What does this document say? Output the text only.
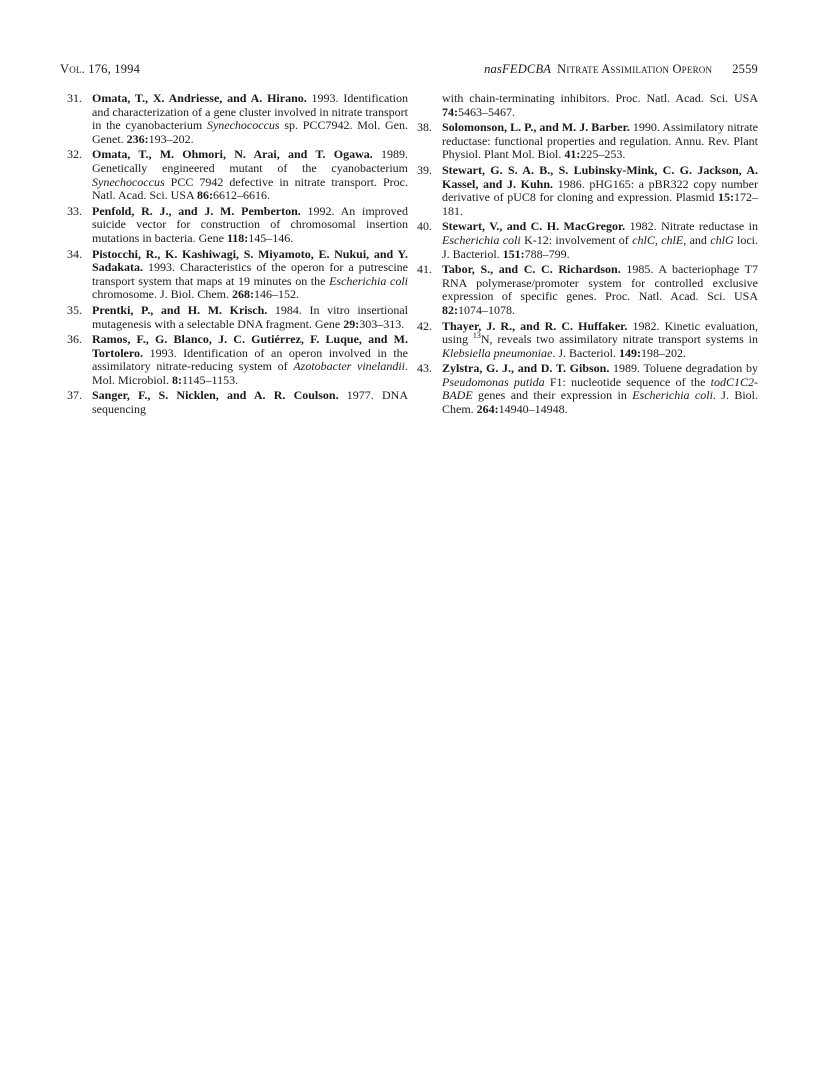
Vol. 176, 1994	nasFEDCBA Nitrate Assimilation Operon 2559
31. Omata, T., X. Andriesse, and A. Hirano. 1993. Identification and characterization of a gene cluster involved in nitrate transport in the cyanobacterium Synechococcus sp. PCC7942. Mol. Gen. Genet. 236:193–202.
32. Omata, T., M. Ohmori, N. Arai, and T. Ogawa. 1989. Genetically engineered mutant of the cyanobacterium Synechococcus PCC 7942 defective in nitrate transport. Proc. Natl. Acad. Sci. USA 86:6612–6616.
33. Penfold, R. J., and J. M. Pemberton. 1992. An improved suicide vector for construction of chromosomal insertion mutations in bacteria. Gene 118:145–146.
34. Pistocchi, R., K. Kashiwagi, S. Miyamoto, E. Nukui, and Y. Sadakata. 1993. Characteristics of the operon for a putrescine transport system that maps at 19 minutes on the Escherichia coli chromosome. J. Biol. Chem. 268:146–152.
35. Prentki, P., and H. M. Krisch. 1984. In vitro insertional mutagenesis with a selectable DNA fragment. Gene 29:303–313.
36. Ramos, F., G. Blanco, J. C. Gutiérrez, F. Luque, and M. Tortolero. 1993. Identification of an operon involved in the assimilatory nitrate-reducing system of Azotobacter vinelandii. Mol. Microbiol. 8:1145–1153.
37. Sanger, F., S. Nicklen, and A. R. Coulson. 1977. DNA sequencing
with chain-terminating inhibitors. Proc. Natl. Acad. Sci. USA 74:5463–5467.
38. Solomonson, L. P., and M. J. Barber. 1990. Assimilatory nitrate reductase: functional properties and regulation. Annu. Rev. Plant Physiol. Plant Mol. Biol. 41:225–253.
39. Stewart, G. S. A. B., S. Lubinsky-Mink, C. G. Jackson, A. Kassel, and J. Kuhn. 1986. pHG165: a pBR322 copy number derivative of pUC8 for cloning and expression. Plasmid 15:172–181.
40. Stewart, V., and C. H. MacGregor. 1982. Nitrate reductase in Escherichia coli K-12: involvement of chlC, chlE, and chlG loci. J. Bacteriol. 151:788–799.
41. Tabor, S., and C. C. Richardson. 1985. A bacteriophage T7 RNA polymerase/promoter system for controlled exclusive expression of specific genes. Proc. Natl. Acad. Sci. USA 82:1074–1078.
42. Thayer, J. R., and R. C. Huffaker. 1982. Kinetic evaluation, using $^{13}$N, reveals two assimilatory nitrate transport systems in Klebsiella pneumoniae. J. Bacteriol. 149:198–202.
43. Zylstra, G. J., and D. T. Gibson. 1989. Toluene degradation by Pseudomonas putida F1: nucleotide sequence of the todC1C2-BADE genes and their expression in Escherichia coli. J. Biol. Chem. 264:14940–14948.
